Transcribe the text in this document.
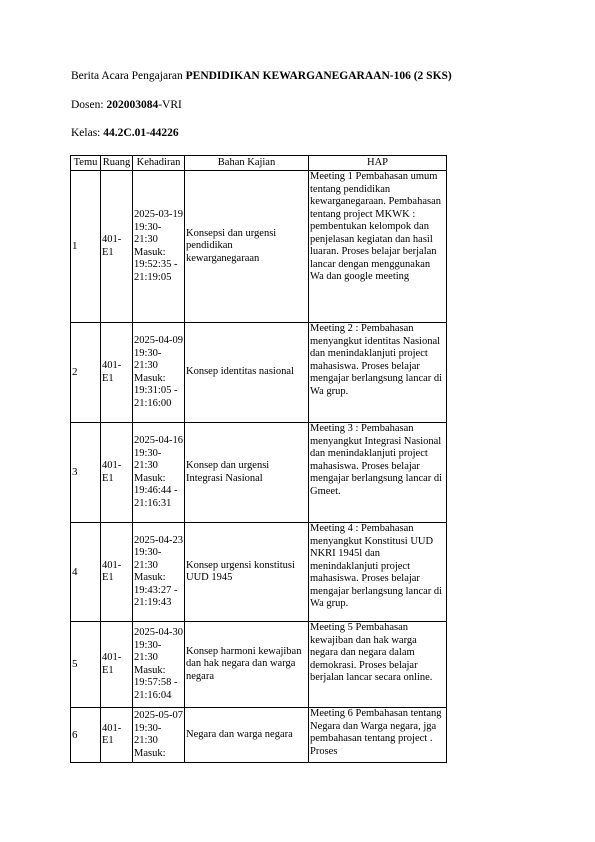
Berita Acara Pengajaran PENDIDIKAN KEWARGANEGARAAN-106 (2 SKS)
Dosen: 202003084-VRI
Kelas: 44.2C.01-44226
Temu	Ruang	Kehadiran	Bahan Kajian	HAP
1	401-E1	2025-03-19 19:30-21:30 Masuk: 19:52:35 - 21:19:05	Konsepsi dan urgensi pendidikan kewarganegaraan	Meeting 1 Pembahasan umum tentang pendidikan kewarganegaraan. Pembahasan tentang project MKWK : pembentukan kelompok dan penjelasan kegiatan dan hasil luaran. Proses belajar berjalan lancar dengan menggunakan Wa dan google meeting
2	401-E1	2025-04-09 19:30-21:30 Masuk: 19:31:05 - 21:16:00	Konsep identitas nasional	Meeting 2 : Pembahasan menyangkut identitas Nasional dan menindaklanjuti project mahasiswa. Proses belajar mengajar berlangsung lancar di Wa grup.
3	401-E1	2025-04-16 19:30-21:30 Masuk: 19:46:44 - 21:16:31	Konsep dan urgensi Integrasi Nasional	Meeting 3 : Pembahasan menyangkut Integrasi Nasional dan menindaklanjuti project mahasiswa. Proses belajar mengajar berlangsung lancar di Gmeet.
4	401-E1	2025-04-23 19:30-21:30 Masuk: 19:43:27 - 21:19:43	Konsep urgensi konstitusi UUD 1945	Meeting 4 : Pembahasan menyangkut Konstitusi UUD NKRI 1945l dan menindaklanjuti project mahasiswa. Proses belajar mengajar berlangsung lancar di Wa grup.
5	401-E1	2025-04-30 19:30-21:30 Masuk: 19:57:58 - 21:16:04	Konsep harmoni kewajiban dan hak negara dan warga negara	Meeting 5 Pembahasan kewajiban dan hak warga negara dan negara dalam demokrasi. Proses belajar berjalan lancar secara online.
6	401-E1	2025-05-07 19:30-21:30 Masuk:	Negara dan warga negara	Meeting 6 Pembahasan tentang Negara dan Warga negara, jga pembahasan tentang project . Proses
